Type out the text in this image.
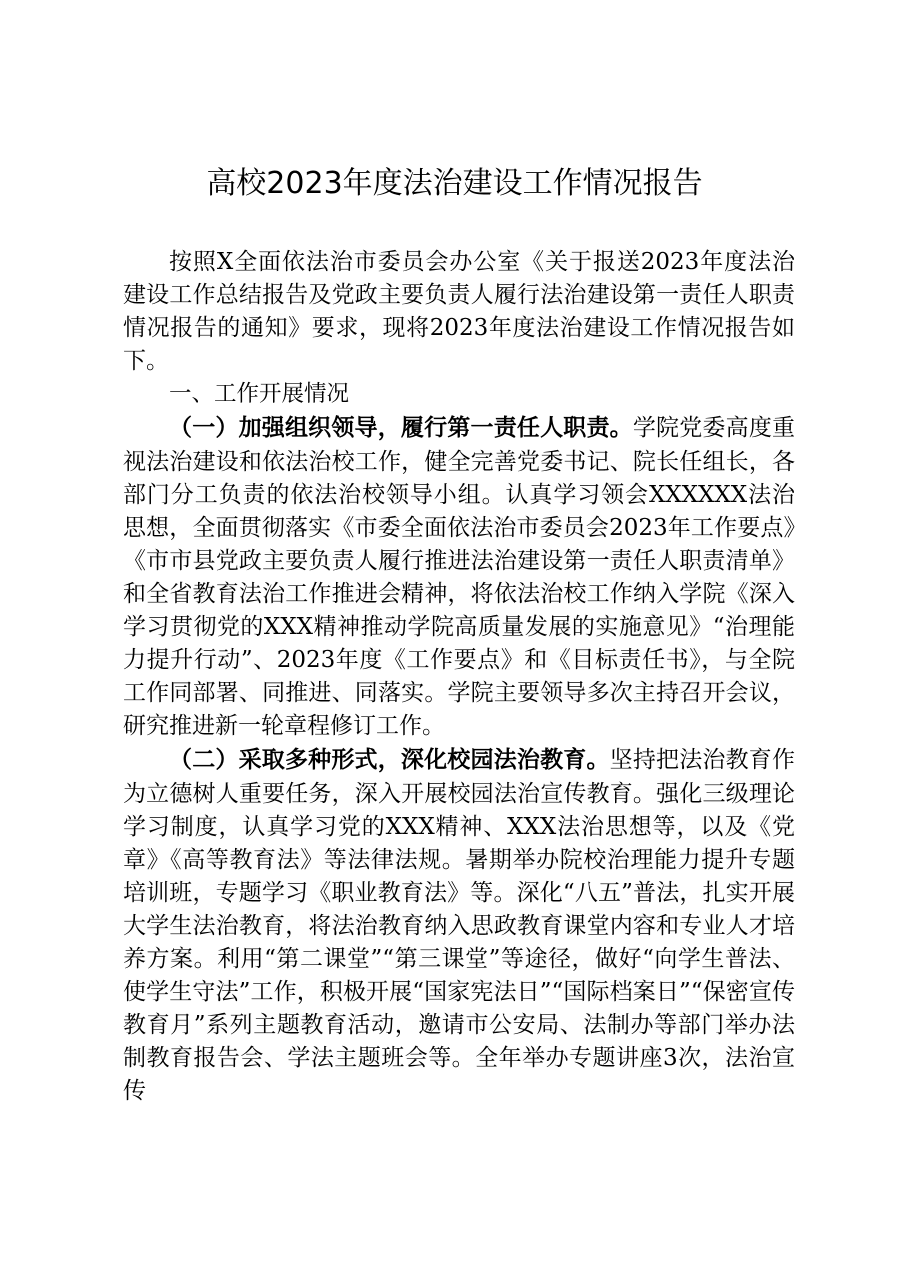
高校2023年度法治建设工作情况报告

按照X全面依法治市委员会办公室《关于报送2023年度法治建设工作总结报告及党政主要负责人履行法治建设第一责任人职责情况报告的通知》要求，现将2023年度法治建设工作情况报告如下。

一、工作开展情况

（一）加强组织领导，履行第一责任人职责。学院党委高度重视法治建设和依法治校工作，健全完善党委书记、院长任组长，各部门分工负责的依法治校领导小组。认真学习领会XXXXXX法治思想，全面贯彻落实《市委全面依法治市委员会2023年工作要点》《市市县党政主要负责人履行推进法治建设第一责任人职责清单》和全省教育法治工作推进会精神，将依法治校工作纳入学院《深入学习贯彻党的XXX精神推动学院高质量发展的实施意见》“治理能力提升行动”、2023年度《工作要点》和《目标责任书》，与全院工作同部署、同推进、同落实。学院主要领导多次主持召开会议，研究推进新一轮章程修订工作。

（二）采取多种形式，深化校园法治教育。坚持把法治教育作为立德树人重要任务，深入开展校园法治宣传教育。强化三级理论学习制度，认真学习党的XXX精神、XXX法治思想等，以及《党章》《高等教育法》等法律法规。暑期举办院校治理能力提升专题培训班，专题学习《职业教育法》等。深化“八五”普法，扎实开展大学生法治教育，将法治教育纳入思政教育课堂内容和专业人才培养方案。利用“第二课堂”“第三课堂”等途径，做好“向学生普法、使学生守法”工作，积极开展“国家宪法日”“国际档案日”“保密宣传教育月”系列主题教育活动，邀请市公安局、法制办等部门举办法制教育报告会、学法主题班会等。全年举办专题讲座3次，法治宣传
